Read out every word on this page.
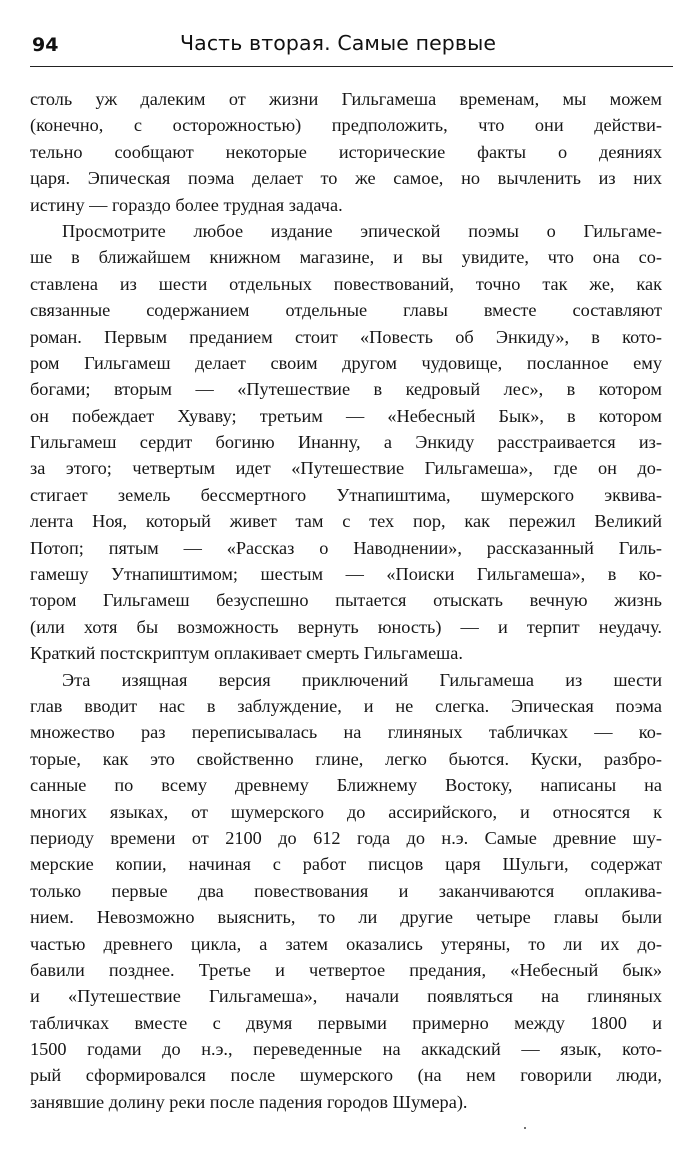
94	Часть вторая. Самые первые
столь уж далеким от жизни Гильгамеша временам, мы можем
(конечно, с осторожностью) предположить, что они действи-
тельно сообщают некоторые исторические факты о деяниях
царя. Эпическая поэма делает то же самое, но вычленить из них
истину — гораздо более трудная задача.
Просмотрите любое издание эпической поэмы о Гильгаме-
ше в ближайшем книжном магазине, и вы увидите, что она со-
ставлена из шести отдельных повествований, точно так же, как
связанные содержанием отдельные главы вместе составляют
роман. Первым преданием стоит «Повесть об Энкиду», в кото-
ром Гильгамеш делает своим другом чудовище, посланное ему
богами; вторым — «Путешествие в кедровый лес», в котором
он побеждает Хуваву; третьим — «Небесный Бык», в котором
Гильгамеш сердит богиню Инанну, а Энкиду расстраивается из-
за этого; четвертым идет «Путешествие Гильгамеша», где он до-
стигает земель бессмертного Утнапиштима, шумерского эквива-
лента Ноя, который живет там с тех пор, как пережил Великий
Потоп; пятым — «Рассказ о Наводнении», рассказанный Гиль-
гамешу Утнапиштимом; шестым — «Поиски Гильгамеша», в ко-
тором Гильгамеш безуспешно пытается отыскать вечную жизнь
(или хотя бы возможность вернуть юность) — и терпит неудачу.
Краткий постскриптум оплакивает смерть Гильгамеша.
Эта изящная версия приключений Гильгамеша из шести
глав вводит нас в заблуждение, и не слегка. Эпическая поэма
множество раз переписывалась на глиняных табличках — ко-
торые, как это свойственно глине, легко бьются. Куски, разбро-
санные по всему древнему Ближнему Востоку, написаны на
многих языках, от шумерского до ассирийского, и относятся к
периоду времени от 2100 до 612 года до н.э. Самые древние шу-
мерские копии, начиная с работ писцов царя Шульги, содержат
только первые два повествования и заканчиваются оплакива-
нием. Невозможно выяснить, то ли другие четыре главы были
частью древнего цикла, а затем оказались утеряны, то ли их до-
бавили позднее. Третье и четвертое предания, «Небесный бык»
и «Путешествие Гильгамеша», начали появляться на глиняных
табличках вместе с двумя первыми примерно между 1800 и
1500 годами до н.э., переведенные на аккадский — язык, кото-
рый сформировался после шумерского (на нем говорили люди,
занявшие долину реки после падения городов Шумера).
